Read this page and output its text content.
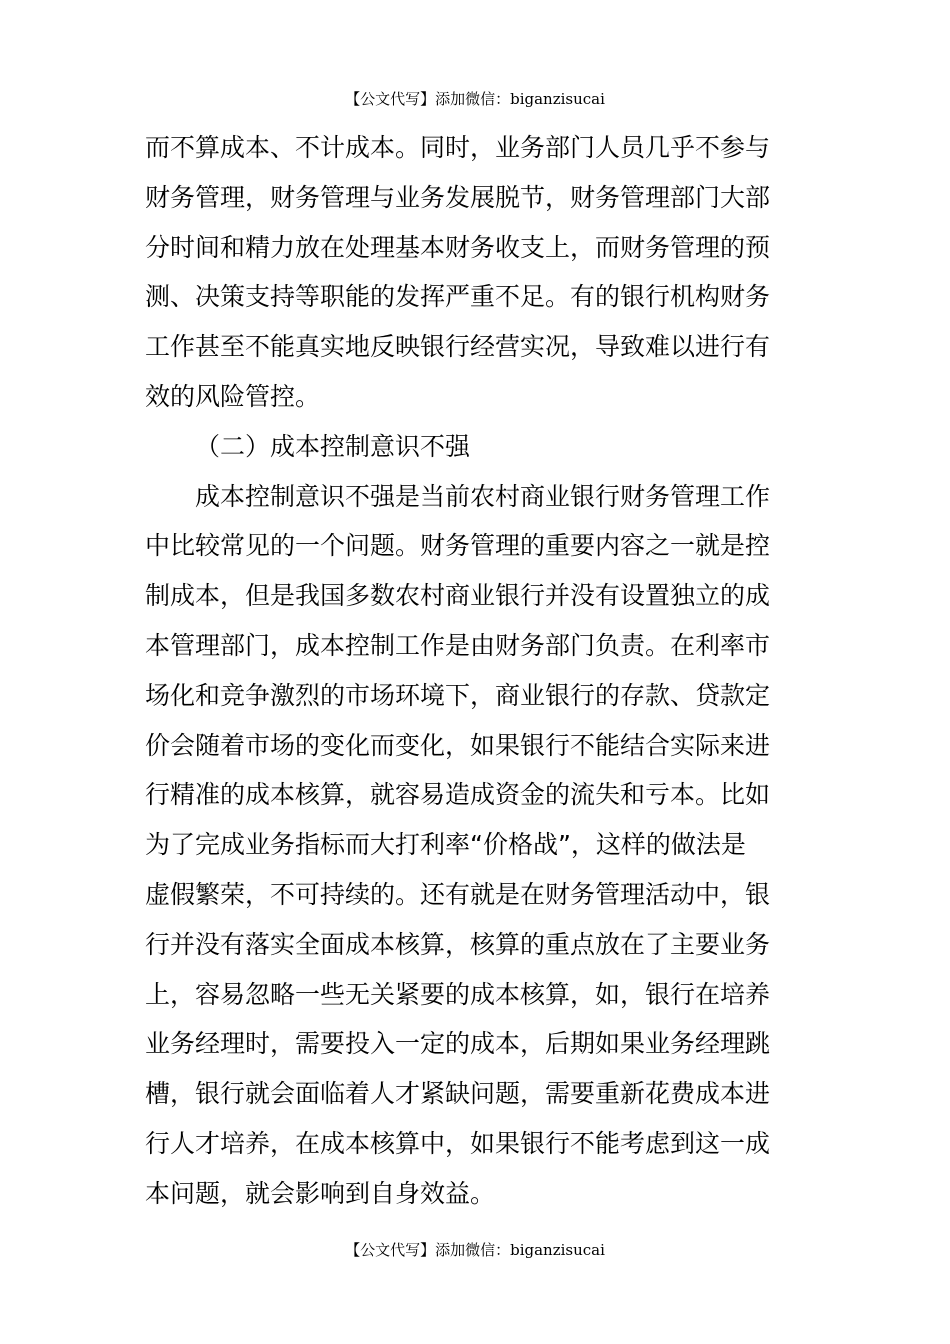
【公文代写】添加微信：biganzisucai
而不算成本、不计成本。同时，业务部门人员几乎不参与
财务管理，财务管理与业务发展脱节，财务管理部门大部
分时间和精力放在处理基本财务收支上，而财务管理的预
测、决策支持等职能的发挥严重不足。有的银行机构财务
工作甚至不能真实地反映银行经营实况，导致难以进行有
效的风险管控。
（二）成本控制意识不强
成本控制意识不强是当前农村商业银行财务管理工作
中比较常见的一个问题。财务管理的重要内容之一就是控
制成本，但是我国多数农村商业银行并没有设置独立的成
本管理部门，成本控制工作是由财务部门负责。在利率市
场化和竞争激烈的市场环境下，商业银行的存款、贷款定
价会随着市场的变化而变化，如果银行不能结合实际来进
行精准的成本核算，就容易造成资金的流失和亏本。比如
为了完成业务指标而大打利率“价格战”，这样的做法是
虚假繁荣，不可持续的。还有就是在财务管理活动中，银
行并没有落实全面成本核算，核算的重点放在了主要业务
上，容易忽略一些无关紧要的成本核算，如，银行在培养
业务经理时，需要投入一定的成本，后期如果业务经理跳
槽，银行就会面临着人才紧缺问题，需要重新花费成本进
行人才培养，在成本核算中，如果银行不能考虑到这一成
本问题，就会影响到自身效益。
【公文代写】添加微信：biganzisucai
